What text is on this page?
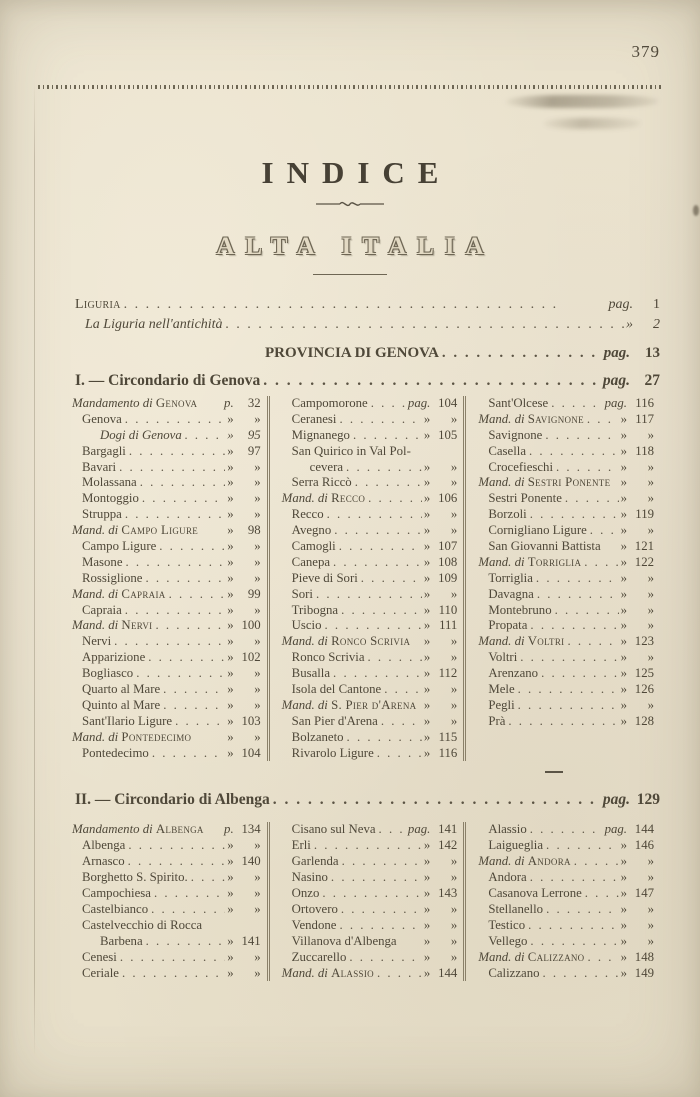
379
INDICE
ALTA ITALIA
Liguria . . .	pag.	1
La Liguria nell'antichità . . .	»	2
PROVINCIA DI GENOVA . . .	pag.	13
I. — Circondario di Genova . . .	pag. 27
Mandamento di Genova p.	32
Genova . . .	»	»
Dogi di Genova . . .	»	95
Bargagli . . .	»	97
Bavari . . .	»	»
Molassana . . .	»	»
Montoggio . . .	»	»
Struppa . . .	»	»
Mand. di Campo Ligure »	98
Campo Ligure . . .	»	»
Masone . . .	»	»
Rossiglione . . .	»	»
Mand. di Capraia . . .	»	99
Capraia . . .	»	»
Mand. di Nervi . . .	» 100
Nervi . . .	»	»
Apparizione . . .	» 102
Bogliasco . . .	»	»
Quarto al Mare . . .	»	»
Quinto al Mare . . .	»	»
Sant'Ilario Ligure . . .	» 103
Mand. di Pontedecimo	»	»
Pontedecimo . . .	» 104
Campomorone . . .	pag. 104
Ceranesi . . .	»	»
Mignanego . . .	» 105
San Quirico in Val Pol-
cevera . . .	»	»
Serra Riccò . . .	»	»
Mand. di Recco . . .	» 106
Recco . . .	»	»
Avegno . . .	»	»
Camogli . . .	» 107
Canepa . . .	» 108
Pieve di Sori . . .	» 109
Sori . . .	»	»
Tribogna . . .	» 110
Uscio . . .	» 111
Mand. di Ronco Scrivia »	»
Ronco Scrivia . . .	»	»
Busalla . . .	» 112
Isola del Cantone . . .	»	»
Mand. di S. Pier d'Arena »	»
San Pier d'Arena . . .	»	»
Bolzaneto . . .	» 115
Rivarolo Ligure . . .	» 116
Sant'Olcese . . .	pag. 116
Mand. di Savignone . . .	» 117
Savignone . . .	»	»
Casella . . .	» 118
Crocefieschi . . .	»	»
Mand. di Sestri Ponente »	»
Sestri Ponente . . .	»	»
Borzoli . . .	» 119
Cornigliano Ligure . . .	»	»
San Giovanni Battista » 121
Mand. di Torriglia . . .	» 122
Torriglia . . .	»	»
Davagna . . .	»	»
Montebruno . . .	»	»
Propata . . .	»	»
Mand. di Voltri . . .	» 123
Voltri . . .	»	»
Arenzano . . .	» 125
Mele . . .	» 126
Pegli . . .	»	»
Prà . . .	» 128
II. — Circondario di Albenga . . .	pag. 129
Mandamento di Albenga p. 134
Albenga . . .	»	»
Arnasco . . .	» 140
Borghetto S. Spirito. . . .	»	»
Campochiesa . . .	»	»
Castelbianco . . .	»	»
Castelvecchio di Rocca
Barbena . . .	» 141
Cenesi . . .	»	»
Ceriale . . .	»	»
Cisano sul Neva . . .	pag. 141
Erli . . .	» 142
Garlenda . . .	»	»
Nasino . . .	»	»
Onzo . . .	» 143
Ortovero . . .	»	»
Vendone . . .	»	»
Villanova d'Albenga »	»
Zuccarello . . .	»	»
Mand. di Alassio . . .	» 144
Alassio . . .	pag. 144
Laigueglia . . .	» 146
Mand. di Andora . . .	»	»
Andora . . .	»	»
Casanova Lerrone . . .	» 147
Stellanello . . .	»	»
Testico . . .	»	»
Vellego . . .	»	»
Mand. di Calizzano . . .	» 148
Calizzano . . .	» 149
